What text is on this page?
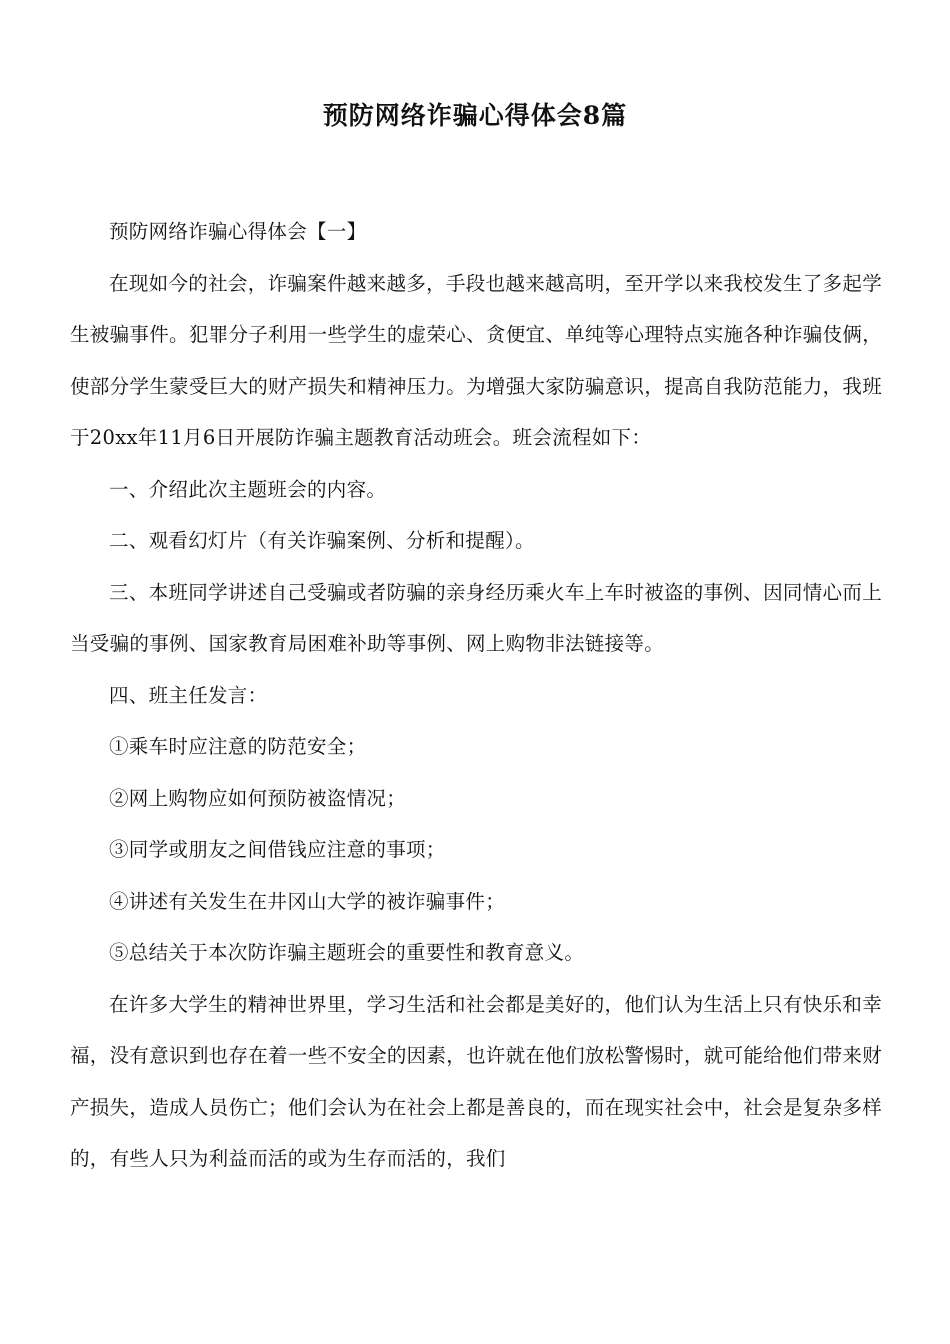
预防网络诈骗心得体会8篇

预防网络诈骗心得体会【一】

在现如今的社会，诈骗案件越来越多，手段也越来越高明，至开学以来我校发生了多起学生被骗事件。犯罪分子利用一些学生的虚荣心、贪便宜、单纯等心理特点实施各种诈骗伎俩，使部分学生蒙受巨大的财产损失和精神压力。为增强大家防骗意识，提高自我防范能力，我班于20xx年11月6日开展防诈骗主题教育活动班会。班会流程如下：

一、介绍此次主题班会的内容。

二、观看幻灯片（有关诈骗案例、分析和提醒）。

三、本班同学讲述自己受骗或者防骗的亲身经历乘火车上车时被盗的事例、因同情心而上当受骗的事例、国家教育局困难补助等事例、网上购物非法链接等。

四、班主任发言：

①乘车时应注意的防范安全；

②网上购物应如何预防被盗情况；

③同学或朋友之间借钱应注意的事项；

④讲述有关发生在井冈山大学的被诈骗事件；

⑤总结关于本次防诈骗主题班会的重要性和教育意义。

在许多大学生的精神世界里，学习生活和社会都是美好的，他们认为生活上只有快乐和幸福，没有意识到也存在着一些不安全的因素，也许就在他们放松警惕时，就可能给他们带来财产损失，造成人员伤亡；他们会认为在社会上都是善良的，而在现实社会中，社会是复杂多样的，有些人只为利益而活的或为生存而活的，我们
